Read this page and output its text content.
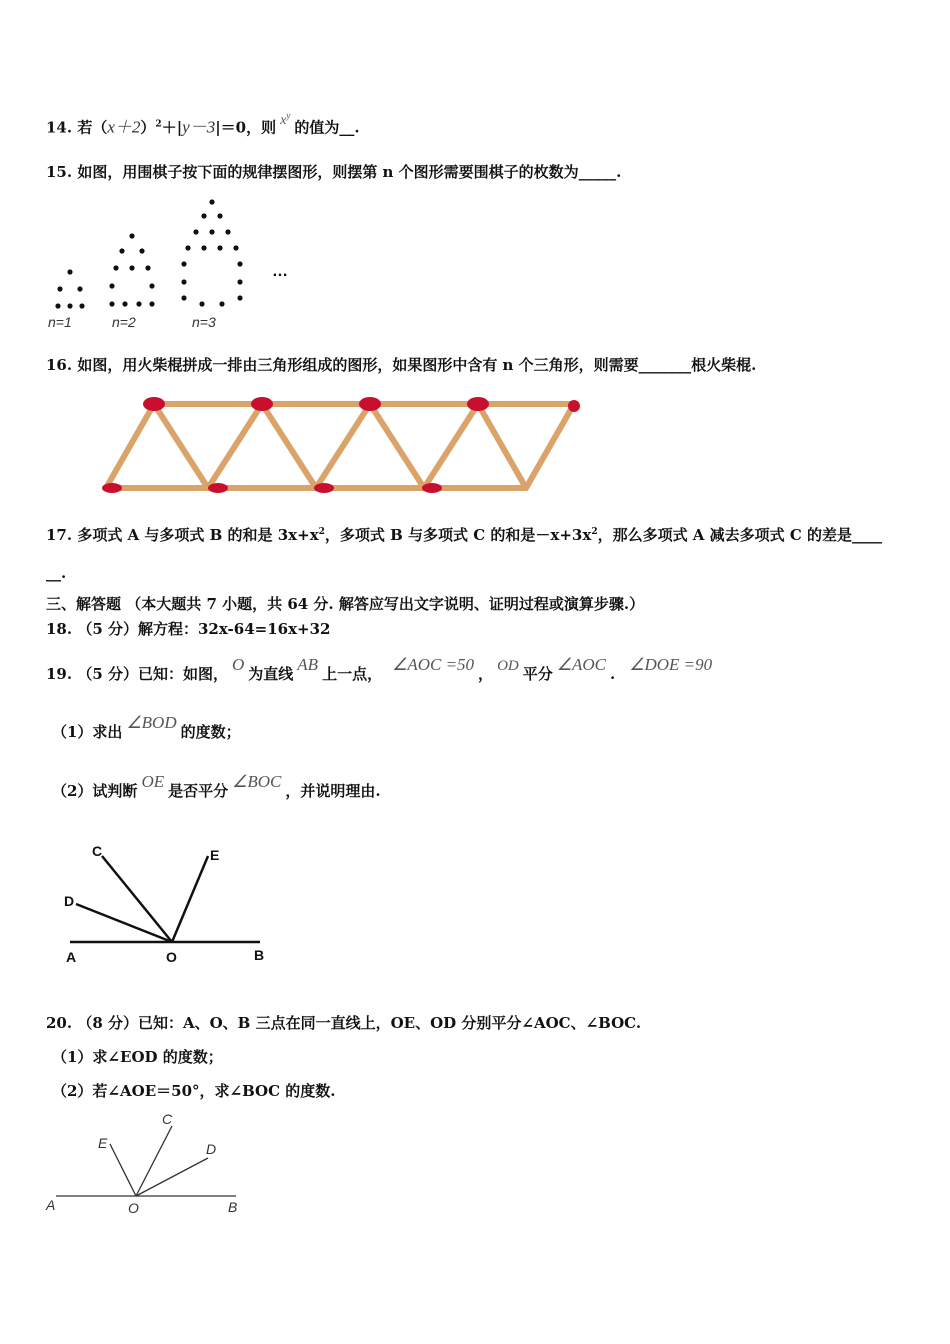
14. 若$(x+2)^2+|y-3|=0$，则 $x^y$的值为__.
15. 如图，用围棋子按下面的规律摆图形，则摆第 n 个图形需要围棋子的枚数为_____.
n=1	n=2	n=3
…
16. 如图，用火柴棍拼成一排由三角形组成的图形，如果图形中含有 n 个三角形，则需要_______根火柴棍.
17. 多项式 A 与多项式 B 的和是 $3x+x^2$，多项式 B 与多项式 C 的和是$-x+3x^2$，那么多项式 A 减去多项式 C 的差是____
__.
三、解答题 （本大题共 7 小题，共 64 分. 解答应写出文字说明、证明过程或演算步骤.）
18. （5 分）解方程：32x-64=16x+32
19. （5 分）已知：如图， O 为直线 AB 上一点， ∠AOC =50 ， OD 平分 ∠AOC . ∠DOE =90
（1）求出 ∠BOD 的度数；
（2）试判断 OE 是否平分 ∠BOC ，并说明理由.
C	E
D
A	O	B
20. （8 分）已知：A、O、B 三点在同一直线上，OE、OD 分别平分∠AOC、∠BOC.
（1）求∠EOD 的度数；
（2）若∠AOE＝50°，求∠BOC 的度数.
C
E	D
A	O	B
